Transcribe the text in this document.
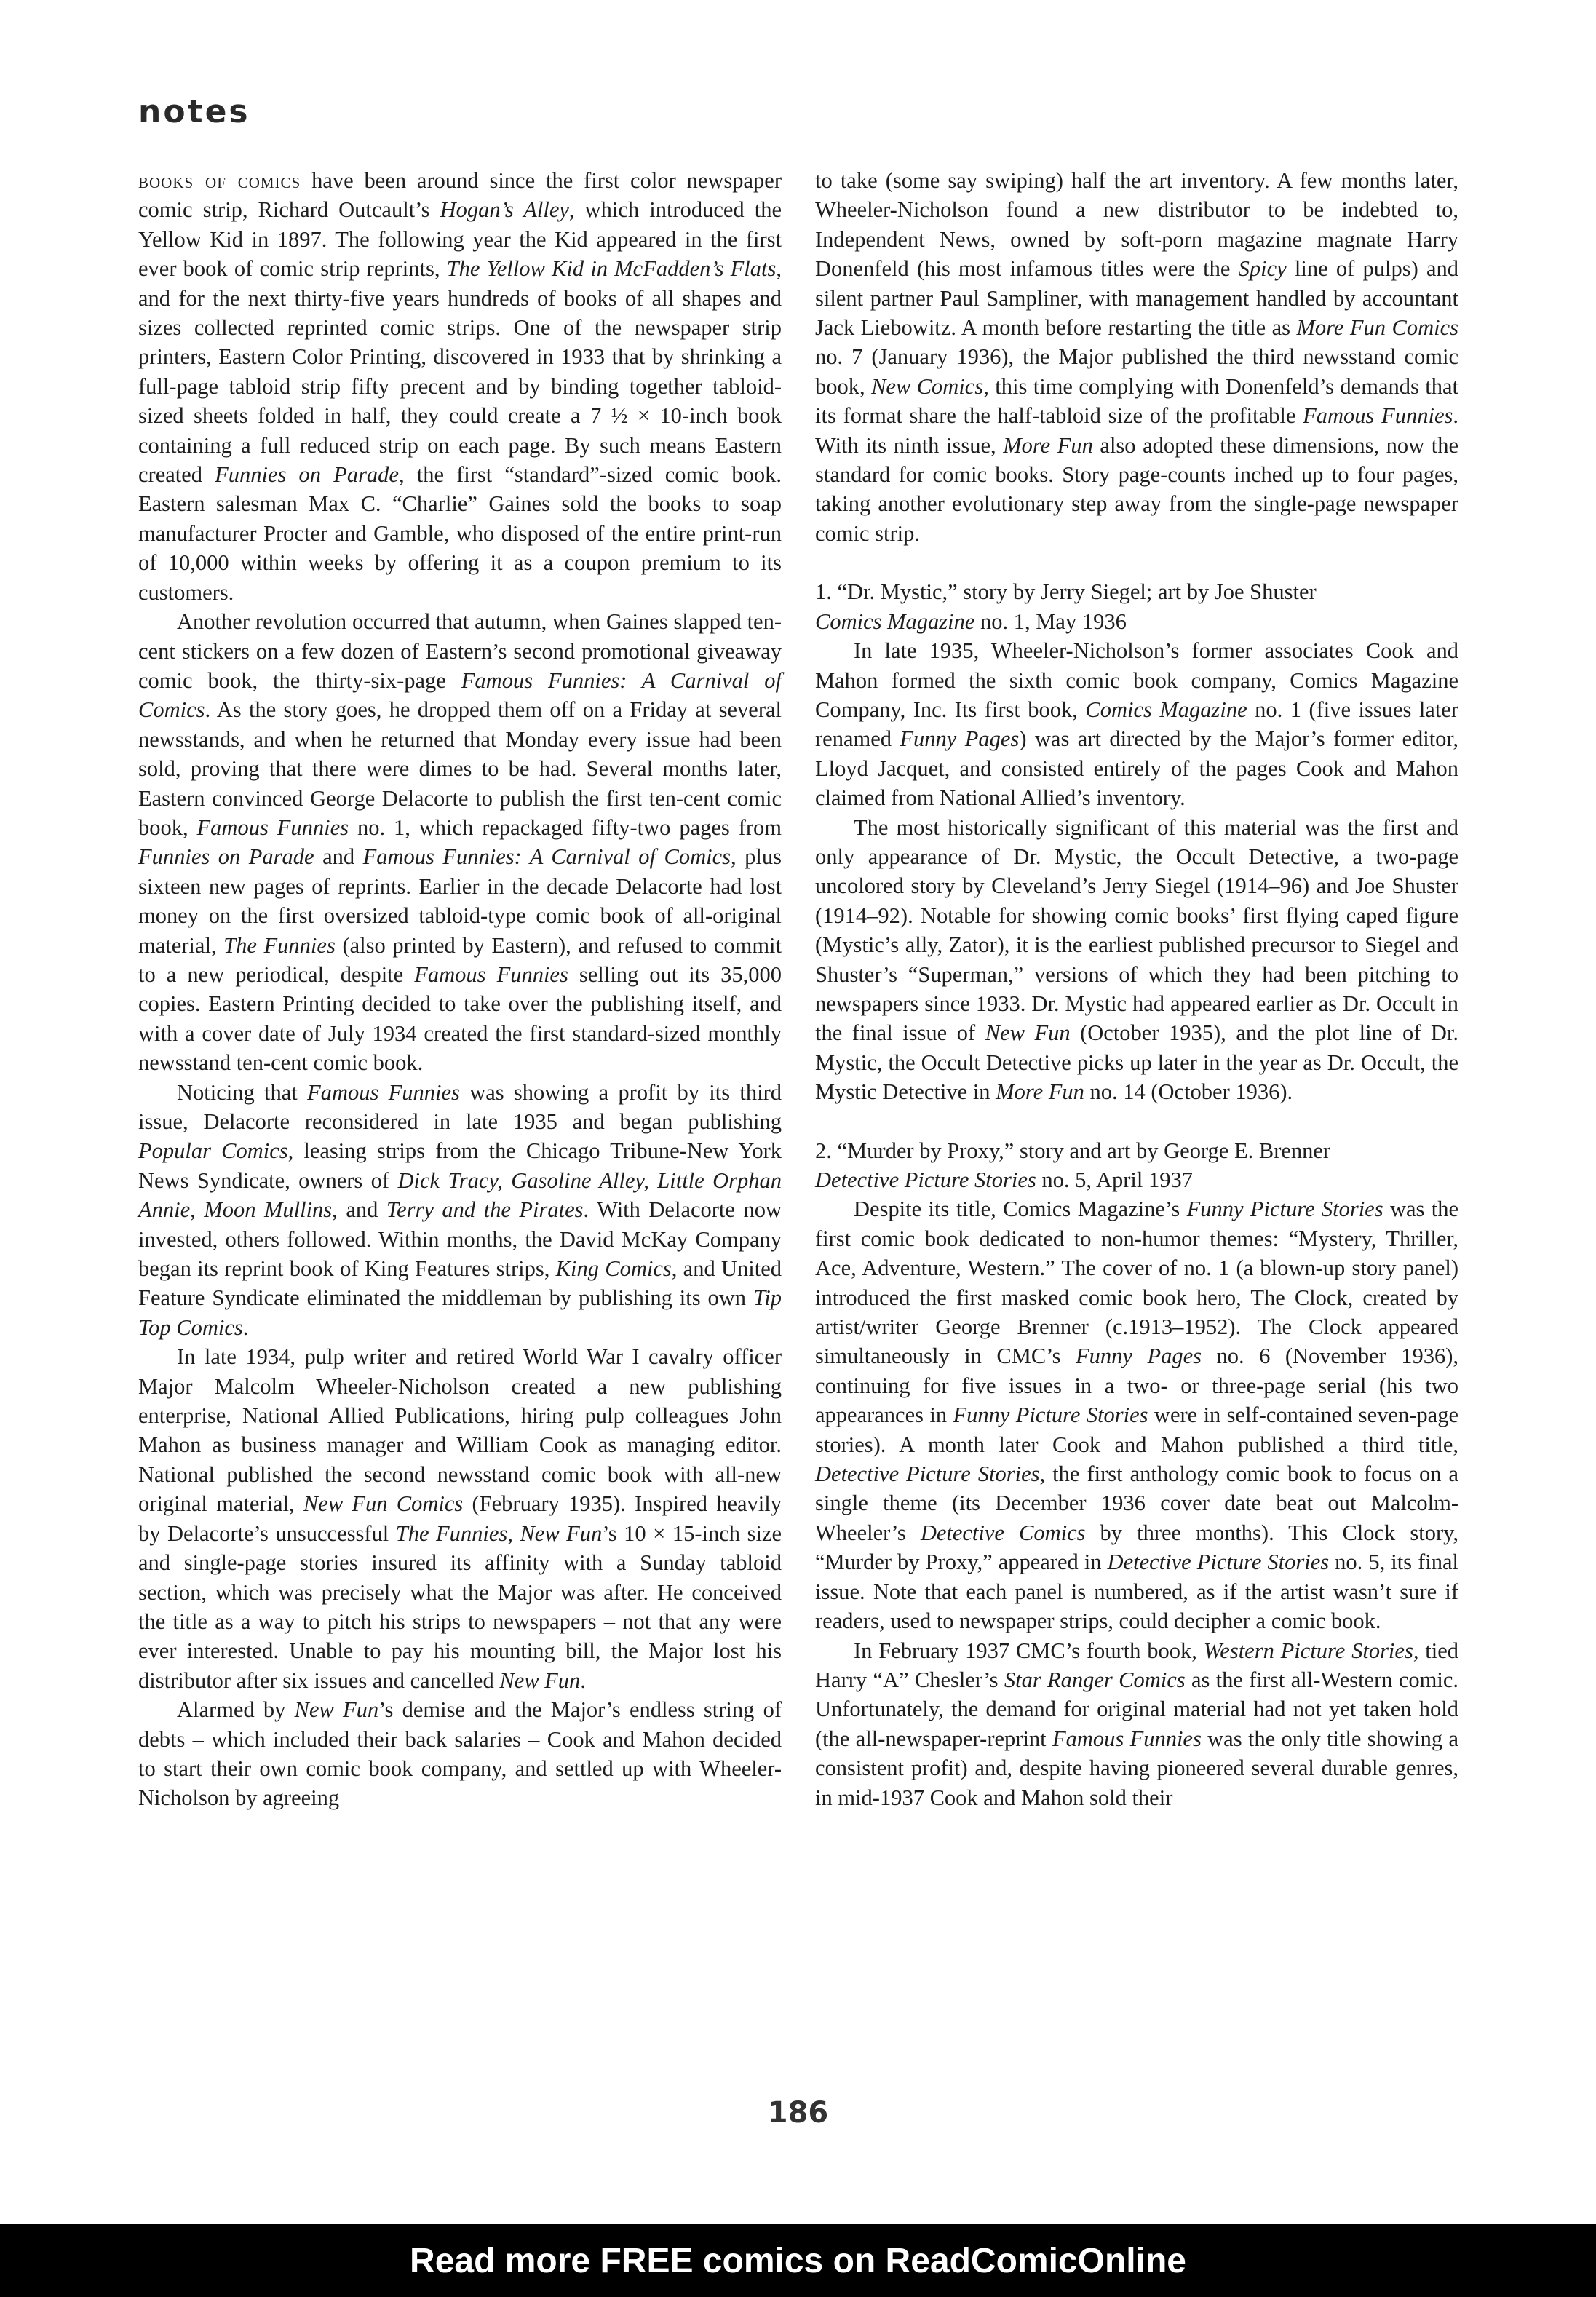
notes

books of comics have been around since the first color newspaper comic strip, Richard Outcault’s Hogan’s Alley, which introduced the Yellow Kid in 1897. The following year the Kid appeared in the first ever book of comic strip reprints, The Yellow Kid in McFadden’s Flats, and for the next thirty-five years hundreds of books of all shapes and sizes collected reprinted comic strips. One of the newspaper strip printers, Eastern Color Printing, discovered in 1933 that by shrinking a full-page tabloid strip fifty precent and by binding together tabloid-sized sheets folded in half, they could create a 7 ½ × 10-inch book containing a full reduced strip on each page. By such means Eastern created Funnies on Parade, the first “standard”-sized comic book. Eastern salesman Max C. “Charlie” Gaines sold the books to soap manufacturer Procter and Gamble, who disposed of the entire print-run of 10,000 within weeks by offering it as a coupon premium to its customers.

Another revolution occurred that autumn, when Gaines slapped ten-cent stickers on a few dozen of Eastern’s second promotional giveaway comic book, the thirty-six-page Famous Funnies: A Carnival of Comics. As the story goes, he dropped them off on a Friday at several newsstands, and when he returned that Monday every issue had been sold, proving that there were dimes to be had. Several months later, Eastern convinced George Delacorte to publish the first ten-cent comic book, Famous Funnies no. 1, which repackaged fifty-two pages from Funnies on Parade and Famous Funnies: A Carnival of Comics, plus sixteen new pages of reprints. Earlier in the decade Delacorte had lost money on the first oversized tabloid-type comic book of all-original material, The Funnies (also printed by Eastern), and refused to commit to a new periodical, despite Famous Funnies selling out its 35,000 copies. Eastern Printing decided to take over the publishing itself, and with a cover date of July 1934 created the first standard-sized monthly newsstand ten-cent comic book.

Noticing that Famous Funnies was showing a profit by its third issue, Delacorte reconsidered in late 1935 and began publishing Popular Comics, leasing strips from the Chicago Tribune-New York News Syndicate, owners of Dick Tracy, Gasoline Alley, Little Orphan Annie, Moon Mullins, and Terry and the Pirates. With Delacorte now invested, others followed. Within months, the David McKay Company began its reprint book of King Features strips, King Comics, and United Feature Syndicate eliminated the middleman by publishing its own Tip Top Comics.

In late 1934, pulp writer and retired World War I cavalry officer Major Malcolm Wheeler-Nicholson created a new publishing enterprise, National Allied Publications, hiring pulp colleagues John Mahon as business manager and William Cook as managing editor. National published the second newsstand comic book with all-new original material, New Fun Comics (February 1935). Inspired heavily by Delacorte’s unsuccessful The Funnies, New Fun’s 10 × 15-inch size and single-page stories insured its affinity with a Sunday tabloid section, which was precisely what the Major was after. He conceived the title as a way to pitch his strips to newspapers – not that any were ever interested. Unable to pay his mounting bill, the Major lost his distributor after six issues and cancelled New Fun.

Alarmed by New Fun’s demise and the Major’s endless string of debts – which included their back salaries – Cook and Mahon decided to start their own comic book company, and settled up with Wheeler-Nicholson by agreeing

to take (some say swiping) half the art inventory. A few months later, Wheeler-Nicholson found a new distributor to be indebted to, Independent News, owned by soft-porn magazine magnate Harry Donenfeld (his most infamous titles were the Spicy line of pulps) and silent partner Paul Sampliner, with management handled by accountant Jack Liebowitz. A month before restarting the title as More Fun Comics no. 7 (January 1936), the Major published the third newsstand comic book, New Comics, this time complying with Donenfeld’s demands that its format share the half-tabloid size of the profitable Famous Funnies. With its ninth issue, More Fun also adopted these dimensions, now the standard for comic books. Story page-counts inched up to four pages, taking another evolutionary step away from the single-page newspaper comic strip.

1. “Dr. Mystic,” story by Jerry Siegel; art by Joe Shuster

Comics Magazine no. 1, May 1936

In late 1935, Wheeler-Nicholson’s former associates Cook and Mahon formed the sixth comic book company, Comics Magazine Company, Inc. Its first book, Comics Magazine no. 1 (five issues later renamed Funny Pages) was art directed by the Major’s former editor, Lloyd Jacquet, and consisted entirely of the pages Cook and Mahon claimed from National Allied’s inventory.

The most historically significant of this material was the first and only appearance of Dr. Mystic, the Occult Detective, a two-page uncolored story by Cleveland’s Jerry Siegel (1914–96) and Joe Shuster (1914–92). Notable for showing comic books’ first flying caped figure (Mystic’s ally, Zator), it is the earliest published precursor to Siegel and Shuster’s “Superman,” versions of which they had been pitching to newspapers since 1933. Dr. Mystic had appeared earlier as Dr. Occult in the final issue of New Fun (October 1935), and the plot line of Dr. Mystic, the Occult Detective picks up later in the year as Dr. Occult, the Mystic Detective in More Fun no. 14 (October 1936).

2. “Murder by Proxy,” story and art by George E. Brenner

Detective Picture Stories no. 5, April 1937

Despite its title, Comics Magazine’s Funny Picture Stories was the first comic book dedicated to non-humor themes: “Mystery, Thriller, Ace, Adventure, Western.” The cover of no. 1 (a blown-up story panel) introduced the first masked comic book hero, The Clock, created by artist/writer George Brenner (c.1913–1952). The Clock appeared simultaneously in CMC’s Funny Pages no. 6 (November 1936), continuing for five issues in a two- or three-page serial (his two appearances in Funny Picture Stories were in self-contained seven-page stories). A month later Cook and Mahon published a third title, Detective Picture Stories, the first anthology comic book to focus on a single theme (its December 1936 cover date beat out Malcolm-Wheeler’s Detective Comics by three months). This Clock story, “Murder by Proxy,” appeared in Detective Picture Stories no. 5, its final issue. Note that each panel is numbered, as if the artist wasn’t sure if readers, used to newspaper strips, could decipher a comic book.

In February 1937 CMC’s fourth book, Western Picture Stories, tied Harry “A” Chesler’s Star Ranger Comics as the first all-Western comic. Unfortunately, the demand for original material had not yet taken hold (the all-newspaper-reprint Famous Funnies was the only title showing a consistent profit) and, despite having pioneered several durable genres, in mid-1937 Cook and Mahon sold their

186
Read more FREE comics on ReadComicOnline
